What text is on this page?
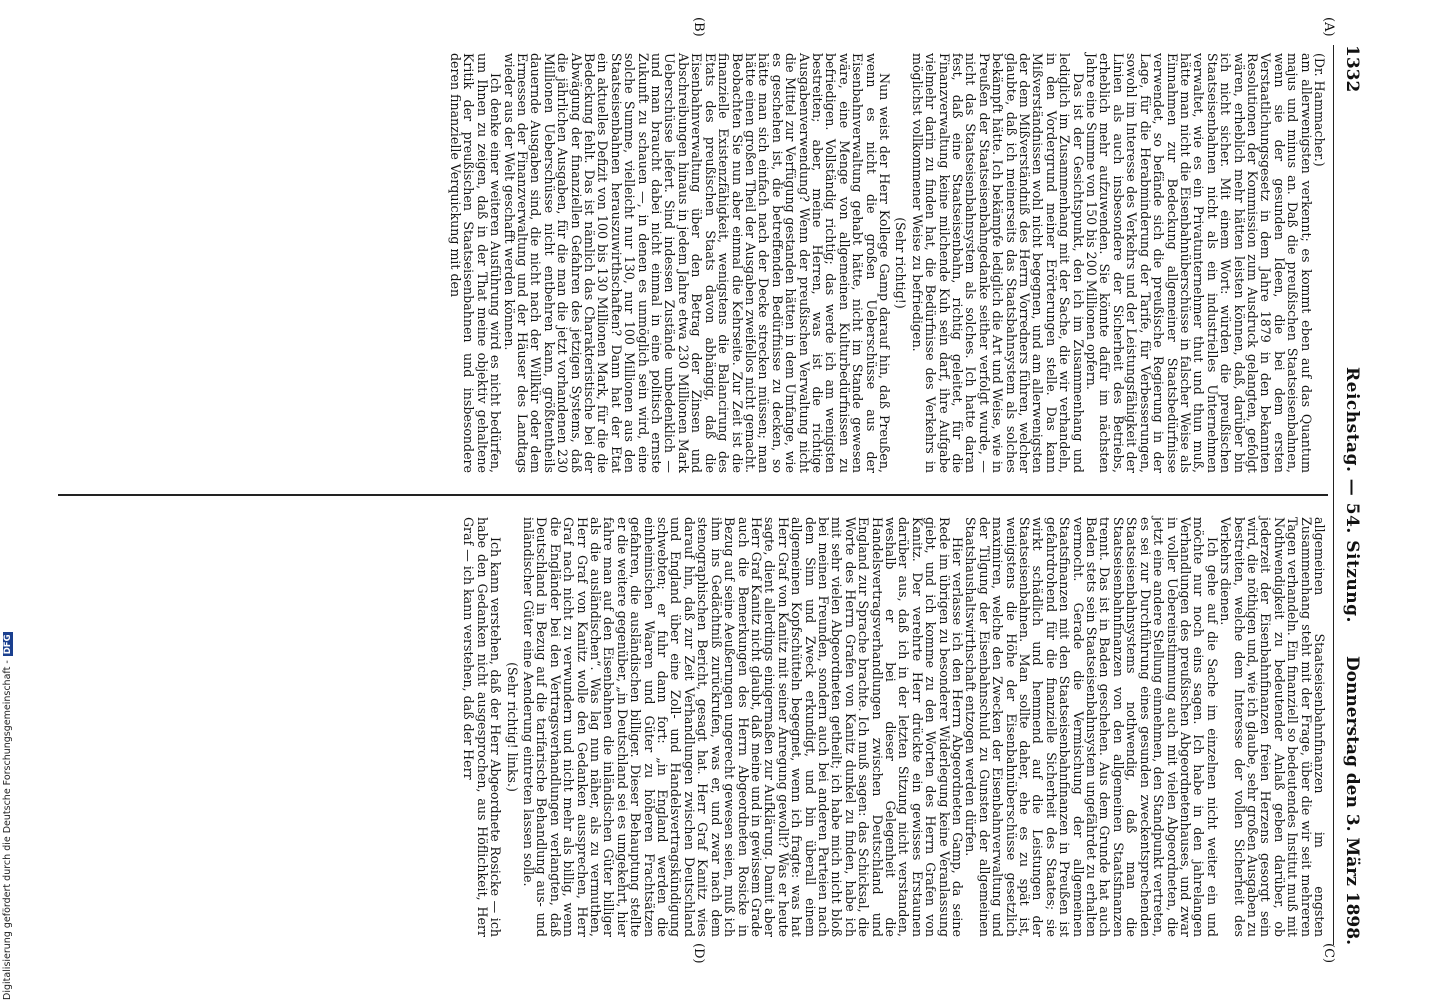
1332
Reichstag. — 54. Sitzung.
Donnerstag den 3. März 1898.
(A)
(B)
(C)
(D)

(Dr. Hammacher.)

am allerwenigsten verkennt; es kommt eben auf das Quantum majus und minus an. Daß die preußischen Staatseisenbahnen, wenn sie der gesunden Ideen, die bei dem ersten Verstaatlichungsgesetz in dem Jahre 1879 in den bekannten Resolutionen der Kommission zum Ausdruck gelangten, gefolgt wären, erheblich mehr hätten leisten können, daß, darüber bin ich nicht sicher. Mit einem Wort: würden die preußischen Staatseisenbahnen nicht als ein industrielles Unternehmen verwaltet, wie es ein Privatunternehmer thut und thun muß, hätte man nicht die Eisenbahnüberschüsse in falscher Weise als Einnahmen zur Bedeckung allgemeiner Staatsbedürfnisse verwendet, so befände sich die preußische Regierung in der Lage, für die Herabminderung der Tarife, für Verbesserungen, sowohl im Interesse des Verkehrs und der Leistungsfähigkeit der Linien als auch insbesondere der Sicherheit des Betriebs, erheblich mehr aufzuwenden. Sie könnte dafür im nächsten Jahre eine Summe von 150 bis 200 Millionen opfern.

Das ist der Gesichtspunkt, den ich im Zusammenhang und lediglich im Zusammenhang mit der Sache, die wir verhandeln, in den Vordergrund meiner Erörterungen stelle. Das kann Mißverständnissen wohl nicht begegnen, und am allerwenigsten der dem Mißverständniß des Herrn Vorredners führen, welcher glaubte, daß ich meinerseits das Staatsbahnsystem als solches bekämpft hätte. Ich bekämpfe lediglich die Art und Weise, wie in Preußen der Staatseisenbahngedanke seither verfolgt wurde, — nicht das Staatseisenbahnsystem als solches. Ich hatte daran fest, daß eine Staatseisenbahn, richtig geleitet, für die Finanzverwaltung keine milchende Kuh sein darf, ihre Aufgabe vielmehr darin zu finden hat, die Bedürfnisse des Verkehrs in möglichst vollkommener Weise zu befriedigen.

(Sehr richtig!)

Nun weist der Herr Kollege Gamp darauf hin, daß Preußen, wenn es nicht die großen Ueberschüsse aus der Eisenbahnverwaltung gehabt hätte, nicht im Stande gewesen wäre, eine Menge von allgemeinen Kulturbedürfnissen zu befriedigen. Vollständig richtig; das werde ich am wenigsten bestreiten; aber, meine Herren, was ist die richtige Ausgabenverwendung? Wenn der preußischen Verwaltung nicht die Mittel zur Verfügung gestanden hätten in dem Umfange, wie es geschehen ist, die betreffenden Bedürfnisse zu decken, so hätte man sich einfach nach der Decke strecken müssen; man hätte einen großen Theil der Ausgaben zweifellos nicht gemacht. Beobachten Sie nun aber einmal die Kehrseite. Zur Zeit ist die finanzielle Existenzfähigkeit, wenigstens die Balancirung des Etats des preußischen Staats davon abhängig, daß die Eisenbahnverwaltung über den Betrag der Zinsen und Abschreibungen hinaus in jedem Jahre etwa 230 Millionen Mark Ueberschüsse liefert. Sind indessen Zustände unbedenklich — und man braucht dabei nicht einmal in eine politisch ernste Zukunft zu schauen —, in denen es unmöglich sein wird, eine solche Summe, vielleicht nur 130, nur 100 Millionen aus den Staatseisenbahnen herauszuwirthschaften? Dann hat der Etat ein aktuelles Defizit von 100 bis 130 Millionen Mark, für die die Bedeckung fehlt. Das ist nämlich das Charakteristische bei der Abwägung der finanziellen Gefahren des jetzigen Systems, daß die jährlichen Ausgaben, für die man die jetzt vorhandenen 230 Millionen Ueberschüsse nicht entbehren kann, größtentheils dauernde Ausgaben sind, die nicht nach der Willkür oder dem Ermessen der Finanzverwaltung und der Häuser des Landtags wieder aus der Welt geschafft werden können.

Ich denke einer weiteren Ausführung wird es nicht bedürfen, um Ihnen zu zeigen, daß in der That meine objektiv gehaltene Kritik der preußischen Staatseisenbahnen und insbesondere deren finanzielle Verquickung mit den

allgemeinen Staatseisenbahnfinanzen im engsten Zusammenhang steht mit der Frage, über die wir seit mehreren Tagen verhandeln. Ein finanziell so bedeutendes Institut muß mit Nothwendigkeit zu bedeutender Anlaß geben darüber, ob jederzeit der Eisenbahnfinanzen freien Herzens gesorgt sein wird, die nöthigen und, wie ich glaube, sehr großen Ausgaben zu bestreiten, welche dem Interesse der vollen Sicherheit des Verkehrs dienen.

Ich gehe auf die Sache im einzelnen nicht weiter ein und möchte nur noch eins sagen. Ich habe in den jahrelangen Verhandlungen des preußischen Abgeordnetenhauses, und zwar in voller Uebereinstimmung auch mit vielen Abgeordneten, die jetzt eine andere Stellung einnehmen, den Standpunkt vertreten, es sei zur Durchführung eines gesunden zweckentsprechenden Staatseisenbahnsystems nothwendig, daß man die Staatseisenbahnfinanzen von den allgemeinen Staatsfinanzen trennt. Das ist in Baden geschehen. Aus dem Grunde hat auch Baden stets sein Staatseisenbahnsystem ungefährdet zu erhalten vermocht. Gerade die Vermischung der allgemeinen Staatsfinanzen mit den Staatseisenbahnfinanzen in Preußen ist gefahrdrohend für die finanzielle Sicherheit des Staates; sie wirkt schädlich und hemmend auf die Leistungen der Staatseisenbahnen. Man sollte daher, ehe es zu spät ist, wenigstens die Höhe der Eisenbahnüberschüsse gesetzlich maximiren, welche den Zwecken der Eisenbahnverwaltung und der Tilgung der Eisenbahnschuld zu Gunsten der allgemeinen Staatshaushaltswirthschaft entzogen werden dürfen.

Hier verlasse ich den Herrn Abgeordneten Gamp, da seine Rede im übrigen zu besonderer Widerlegung keine Veranlassung giebt, und ich komme zu den Worten des Herrn Grafen von Kanitz. Der verehrte Herr drückte ein gewisses Erstaunen darüber aus, daß ich in der letzten Sitzung nicht verstanden, weshalb er bei dieser Gelegenheit die Handelsvertragsverhandlungen zwischen Deutschland und England zur Sprache brachte. Ich muß sagen: das Schicksal, die Worte des Herrn Grafen von Kanitz dunkel zu finden, habe ich mit sehr vielen Abgeordneten getheilt; ich habe mich nicht bloß bei meinen Freunden, sondern auch bei anderen Parteien nach dem Sinn und Zweck erkundigt, und bin überall einem allgemeinen Kopfschütteln begegnet, wenn ich fragte: was hat Herr Graf von Kanitz mit seiner Anregung gewollt? Was er heute sagte, dient allerdings einigermaßen zur Aufklärung. Damit aber Herr Graf Kanitz nicht glaubt, daß meine und in gewissem Grade auch die Bemerkungen des Herrn Abgeordneten Rosicke in Bezug auf seine Aeußerungen ungerecht gewesen seien, muß ich ihm ins Gedächtniß zurückrufen, was er, und zwar nach dem stenographischen Bericht, gesagt hat. Herr Graf Kanitz wies darauf hin, daß zur Zeit Verhandlungen zwischen Deutschland und England über eine Zoll- und Handelsvertragskündigung schwebten; er fuhr dann fort: „in England werden die einheimischen Waaren und Güter zu höheren Frachtsätzen gefahren, die ausländischen billiger. Dieser Behauptung stellte er die weitere gegenüber, „in Deutschland sei es umgekehrt, hier fahre man auf den Eisenbahnen die inländischen Güter billiger als die ausländischen“. Was lag nun näher, als zu vermuthen, Herr Graf von Kanitz wolle den Gedanken aussprechen, Herr Graf nach nicht zu verwundern und nicht mehr als billig, wenn die Engländer bei den Vertragsverhandlungen verlangten, daß Deutschland in Bezug auf die tarifarische Behandlung aus- und inländischer Güter eine Aenderung eintreten lassen solle.

(Sehr richtig! links.)

Ich kann verstehen, daß der Herr Abgeordnete Rosicke — ich habe den Gedanken nicht ausgesprochen, aus Höflichkeit, Herr Graf — ich kann verstehen, daß der Herr

Digitalisierung gefördert durch die Deutsche Forschungsgemeinschaft -DFG
